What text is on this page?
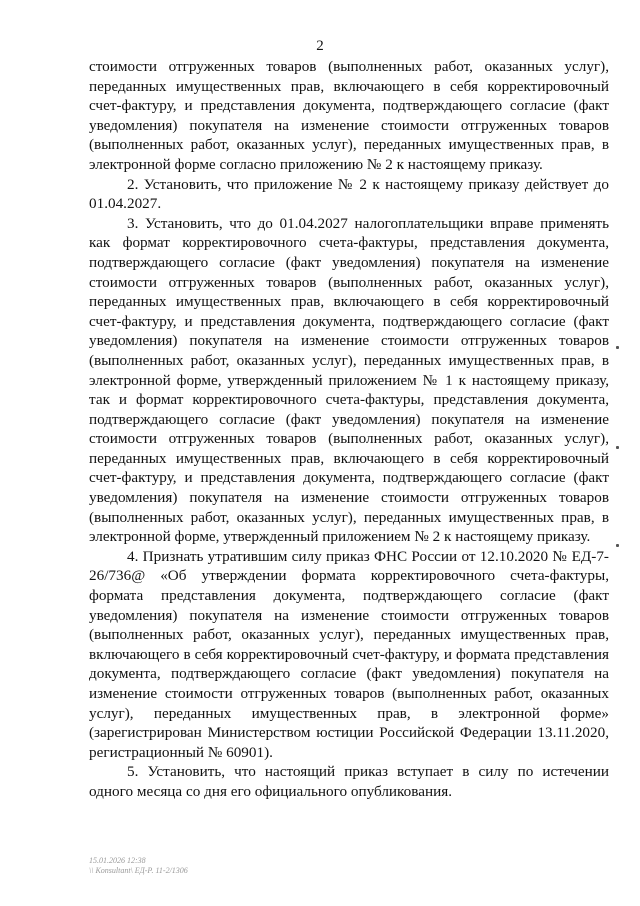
2

стоимости отгруженных товаров (выполненных работ, оказанных услуг), переданных имущественных прав, включающего в себя корректировочный счет-фактуру, и представления документа, подтверждающего согласие (факт уведомления) покупателя на изменение стоимости отгруженных товаров (выполненных работ, оказанных услуг), переданных имущественных прав, в электронной форме согласно приложению № 2 к настоящему приказу.

2. Установить, что приложение № 2 к настоящему приказу действует до 01.04.2027.

3. Установить, что до 01.04.2027 налогоплательщики вправе применять как формат корректировочного счета-фактуры, представления документа, подтверждающего согласие (факт уведомления) покупателя на изменение стоимости отгруженных товаров (выполненных работ, оказанных услуг), переданных имущественных прав, включающего в себя корректировочный счет-фактуру, и представления документа, подтверждающего согласие (факт уведомления) покупателя на изменение стоимости отгруженных товаров (выполненных работ, оказанных услуг), переданных имущественных прав, в электронной форме, утвержденный приложением № 1 к настоящему приказу, так и формат корректировочного счета-фактуры, представления документа, подтверждающего согласие (факт уведомления) покупателя на изменение стоимости отгруженных товаров (выполненных работ, оказанных услуг), переданных имущественных прав, включающего в себя корректировочный счет-фактуру, и представления документа, подтверждающего согласие (факт уведомления) покупателя на изменение стоимости отгруженных товаров (выполненных работ, оказанных услуг), переданных имущественных прав, в электронной форме, утвержденный приложением № 2 к настоящему приказу.

4. Признать утратившим силу приказ ФНС России от 12.10.2020 № ЕД-7-26/736@ «Об утверждении формата корректировочного счета-фактуры, формата представления документа, подтверждающего согласие (факт уведомления) покупателя на изменение стоимости отгруженных товаров (выполненных работ, оказанных услуг), переданных имущественных прав, включающего в себя корректировочный счет-фактуру, и формата представления документа, подтверждающего согласие (факт уведомления) покупателя на изменение стоимости отгруженных товаров (выполненных работ, оказанных услуг), переданных имущественных прав, в электронной форме» (зарегистрирован Министерством юстиции Российской Федерации 13.11.2020, регистрационный № 60901).

5. Установить, что настоящий приказ вступает в силу по истечении одного месяца со дня его официального опубликования.

15.01.2026 12:38
\\ Konsultant\ ЕД-Р. 11-2/1306
